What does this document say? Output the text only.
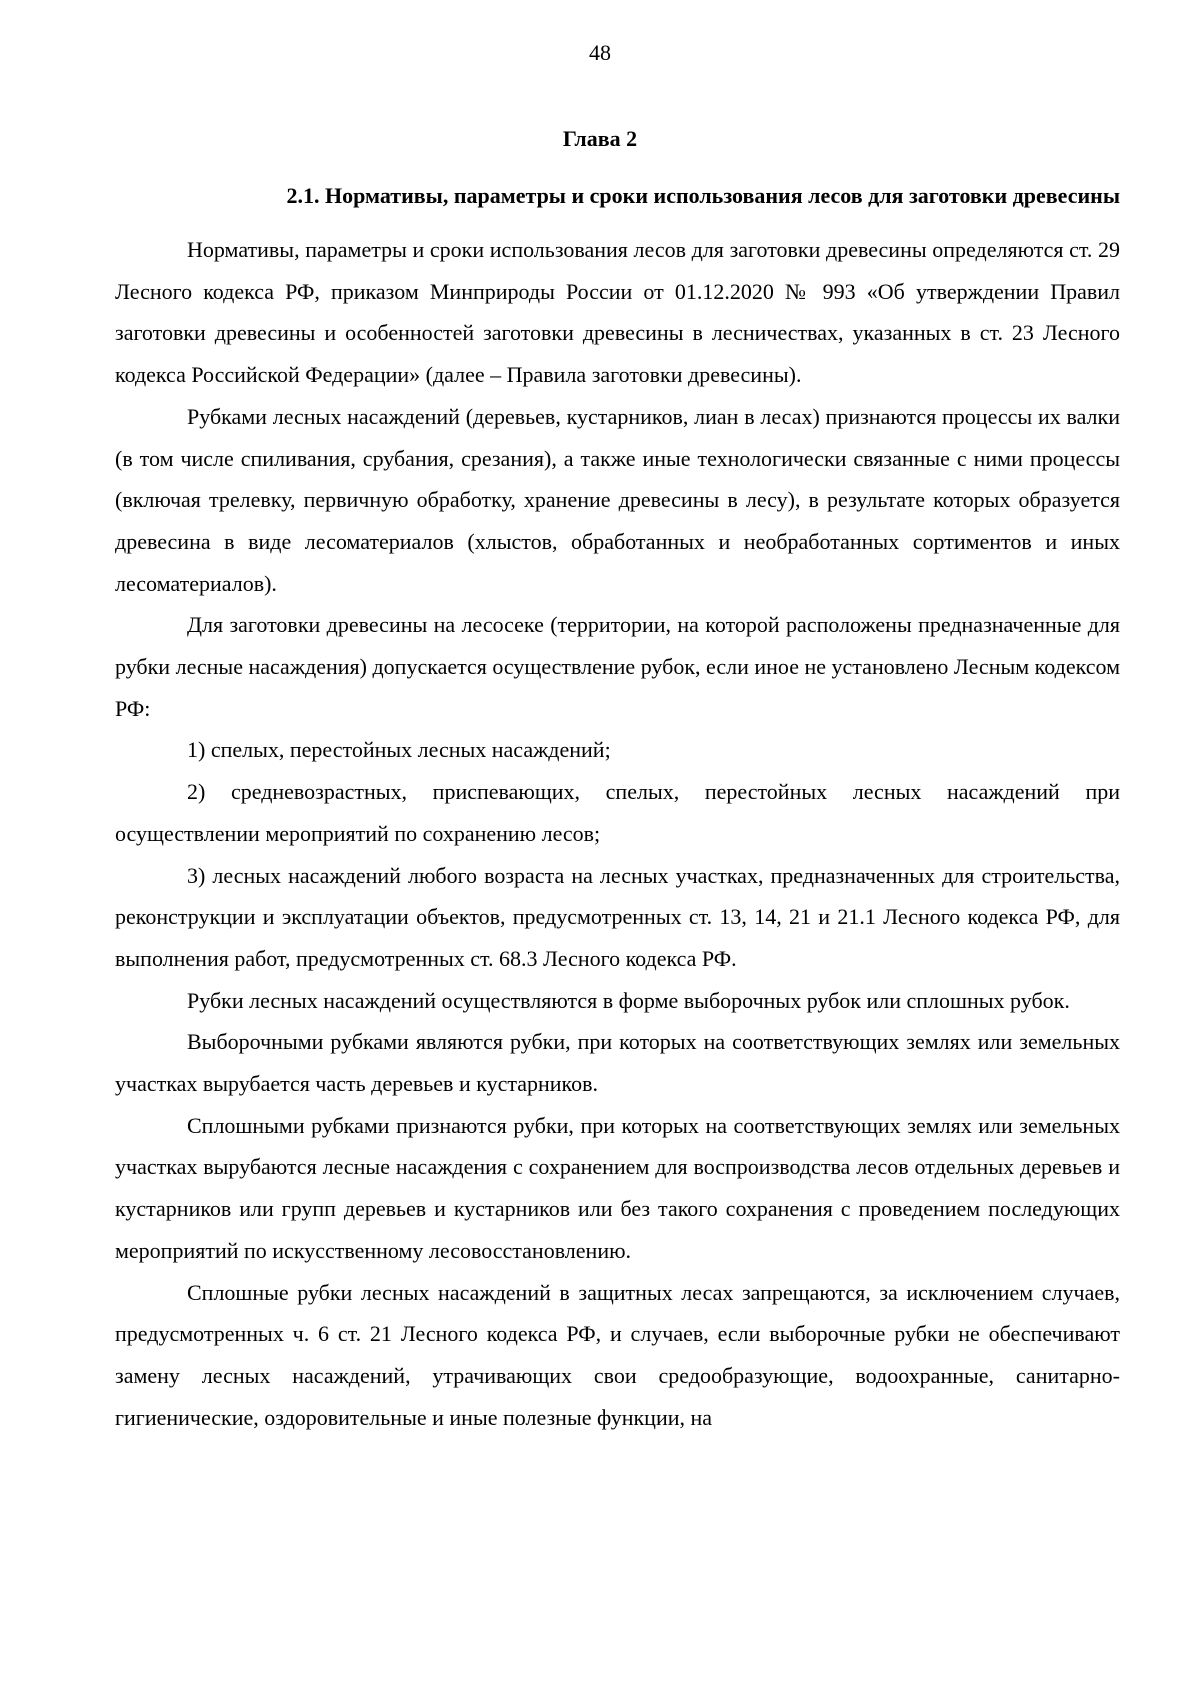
48

Глава 2
2.1. Нормативы, параметры и сроки использования лесов для заготовки древесины

Нормативы, параметры и сроки использования лесов для заготовки древесины определяются ст. 29 Лесного кодекса РФ, приказом Минприроды России от 01.12.2020 № 993 «Об утверждении Правил заготовки древесины и особенностей заготовки древесины в лесничествах, указанных в ст. 23 Лесного кодекса Российской Федерации» (далее – Правила заготовки древесины).

Рубками лесных насаждений (деревьев, кустарников, лиан в лесах) признаются процессы их валки (в том числе спиливания, срубания, срезания), а также иные технологически связанные с ними процессы (включая трелевку, первичную обработку, хранение древесины в лесу), в результате которых образуется древесина в виде лесоматериалов (хлыстов, обработанных и необработанных сортиментов и иных лесоматериалов).

Для заготовки древесины на лесосеке (территории, на которой расположены предназначенные для рубки лесные насаждения) допускается осуществление рубок, если иное не установлено Лесным кодексом РФ:

1) спелых, перестойных лесных насаждений;

2) средневозрастных, приспевающих, спелых, перестойных лесных насаждений при осуществлении мероприятий по сохранению лесов;

3) лесных насаждений любого возраста на лесных участках, предназначенных для строительства, реконструкции и эксплуатации объектов, предусмотренных ст. 13, 14, 21 и 21.1 Лесного кодекса РФ, для выполнения работ, предусмотренных ст. 68.3 Лесного кодекса РФ.

Рубки лесных насаждений осуществляются в форме выборочных рубок или сплошных рубок.

Выборочными рубками являются рубки, при которых на соответствующих землях или земельных участках вырубается часть деревьев и кустарников.

Сплошными рубками признаются рубки, при которых на соответствующих землях или земельных участках вырубаются лесные насаждения с сохранением для воспроизводства лесов отдельных деревьев и кустарников или групп деревьев и кустарников или без такого сохранения с проведением последующих мероприятий по искусственному лесовосстановлению.

Сплошные рубки лесных насаждений в защитных лесах запрещаются, за исключением случаев, предусмотренных ч. 6 ст. 21 Лесного кодекса РФ, и случаев, если выборочные рубки не обеспечивают замену лесных насаждений, утрачивающих свои средообразующие, водоохранные, санитарно-гигиенические, оздоровительные и иные полезные функции, на
